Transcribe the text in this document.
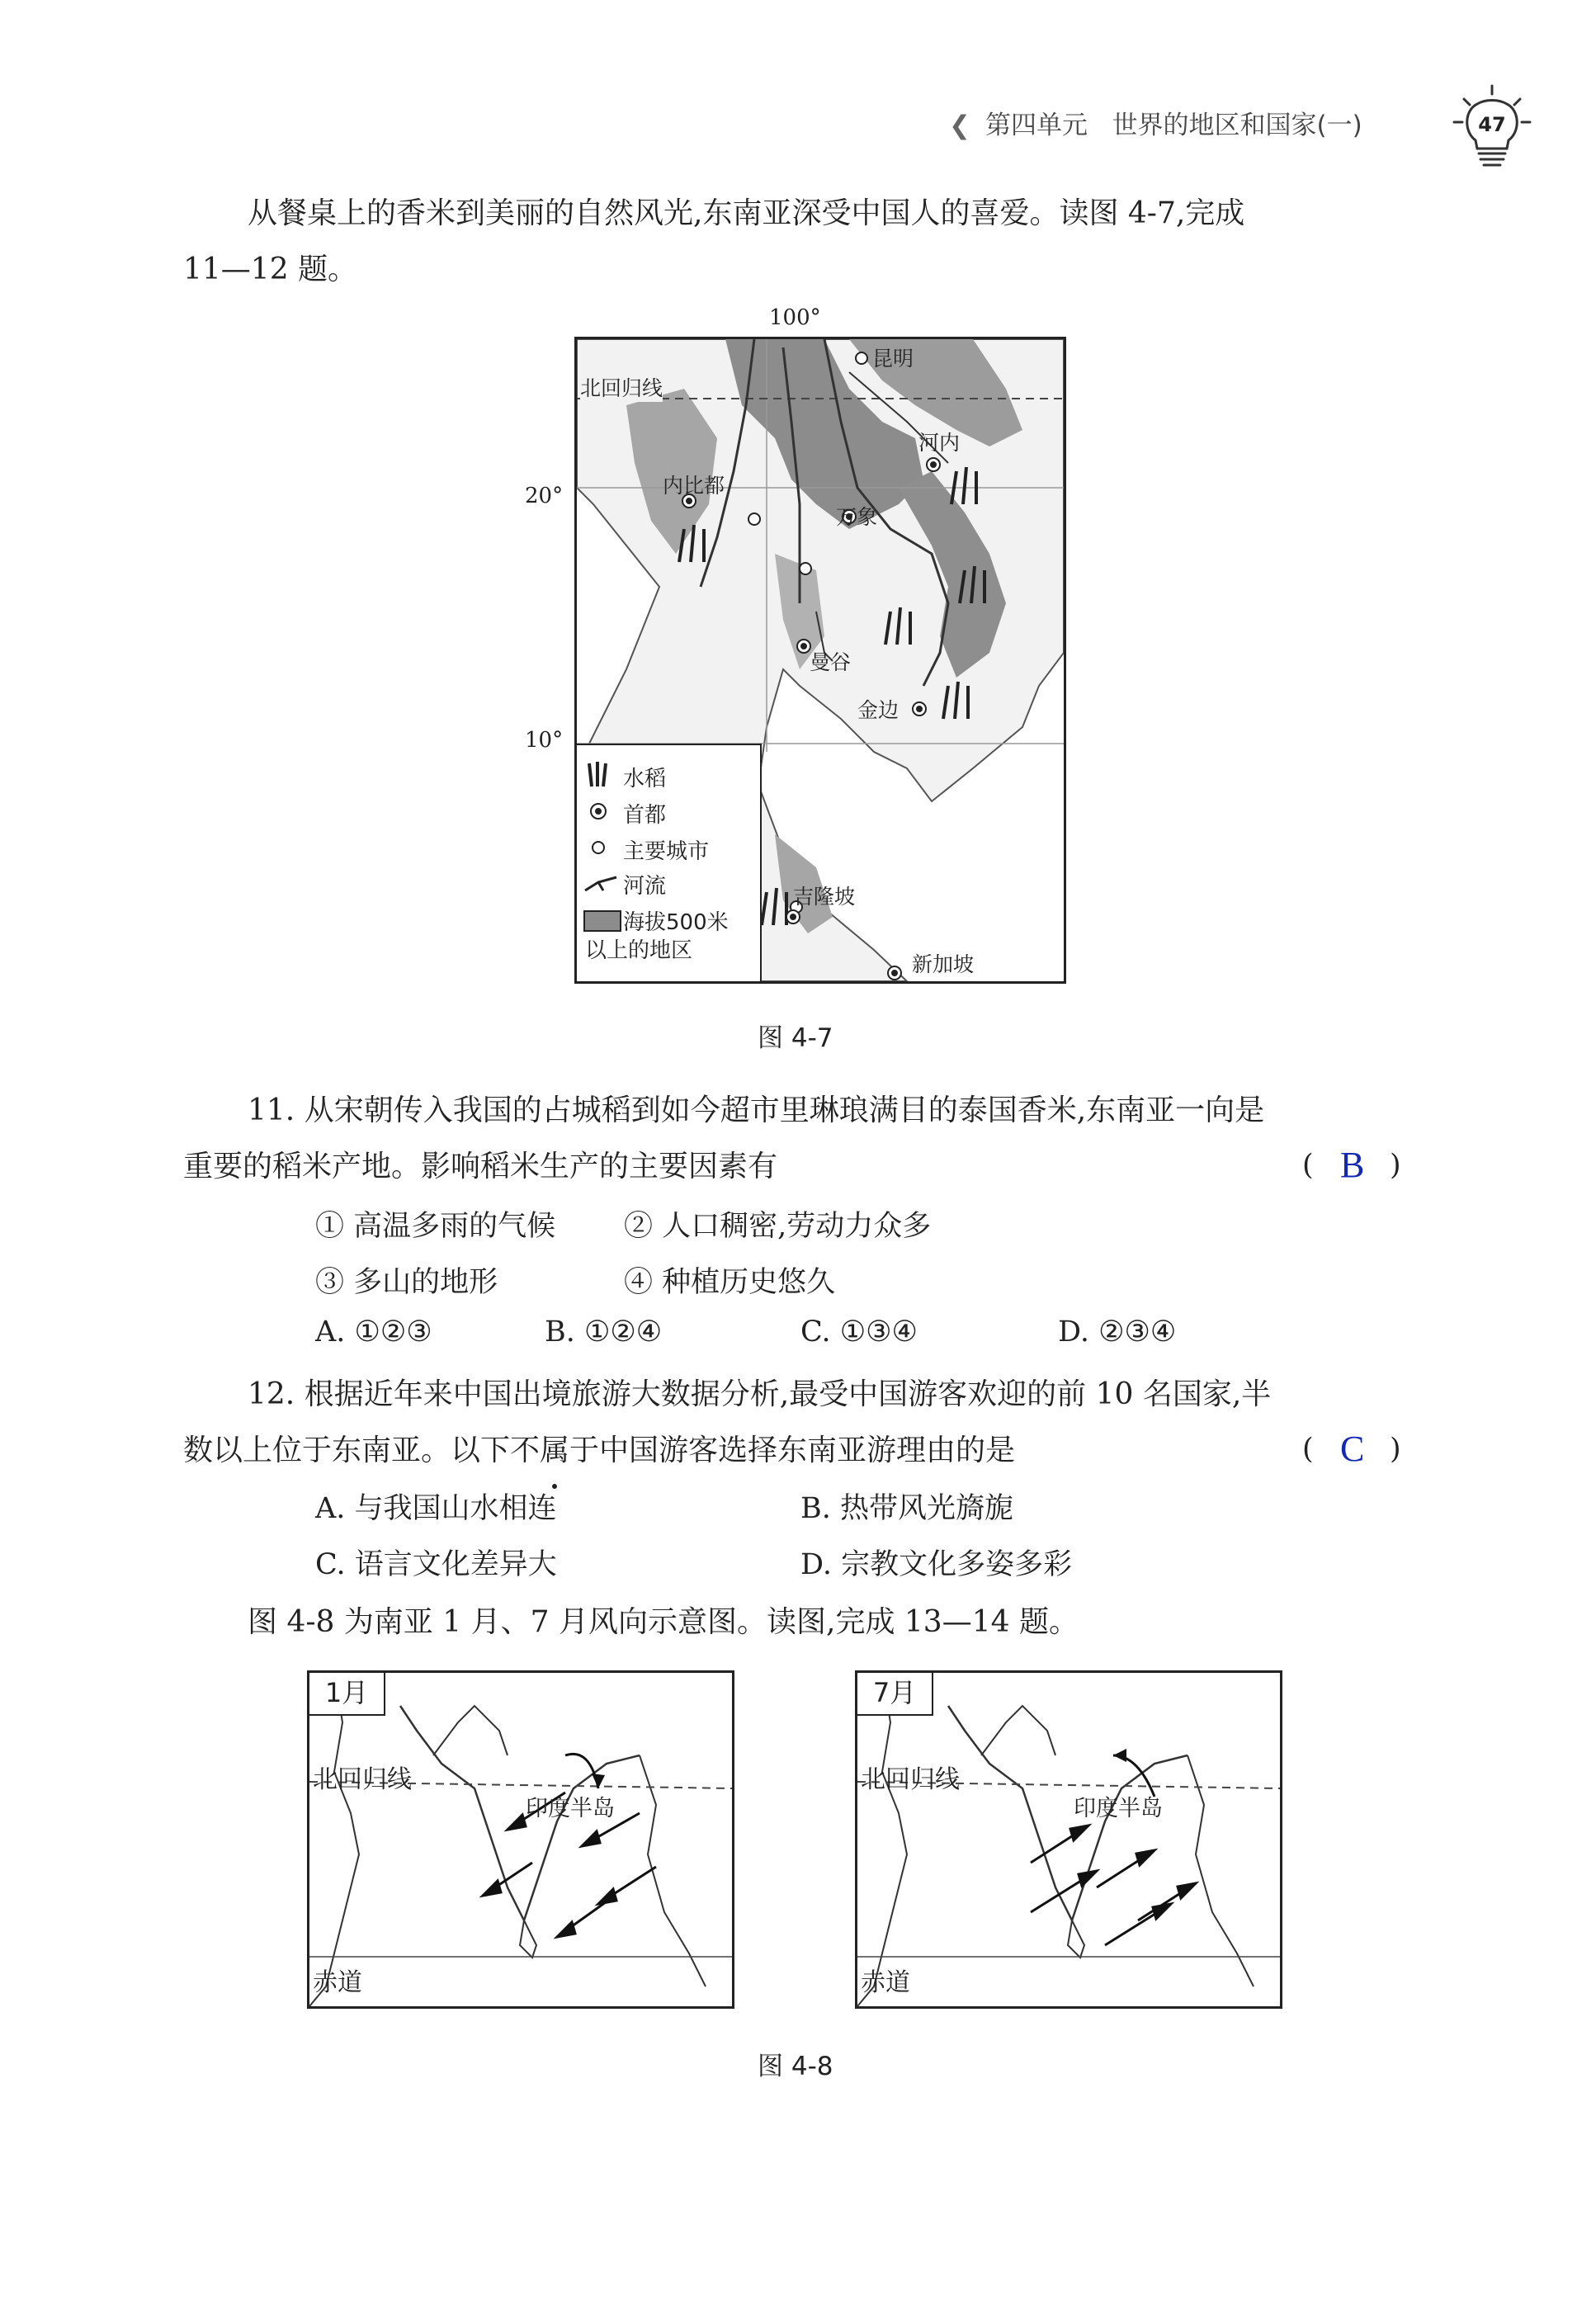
❮ 第四单元 世界的地区和国家(一)	47
从餐桌上的香米到美丽的自然风光,东南亚深受中国人的喜爱。读图 4-7,完成
11—12 题。
100°
20°
10°
昆明
河内
内比都
万象
曼谷
金边
吉隆坡
新加坡
北回归线
水稻
首都
主要城市
河流
海拔500米
以上的地区
图 4-7
11. 从宋朝传入我国的占城稻到如今超市里琳琅满目的泰国香米,东南亚一向是
重要的稻米产地。影响稻米生产的主要因素有	( B )
① 高温多雨的气候 ② 人口稠密,劳动力众多
③ 多山的地形	④ 种植历史悠久
A. ①②③	B. ①②④	C. ①③④	D. ②③④
12. 根据近年来中国出境旅游大数据分析,最受中国游客欢迎的前 10 名国家,半
数以上位于东南亚。以下不属于中国游客选择东南亚游理由的是	( C )
A. 与我国山水相连	B. 热带风光旖旎
C. 语言文化差异大	D. 宗教文化多姿多彩
图 4-8 为南亚 1 月、7 月风向示意图。读图,完成 13—14 题。
1月
北回归线
印度半岛
赤道
7月
北回归线
印度半岛
赤道
图 4-8
